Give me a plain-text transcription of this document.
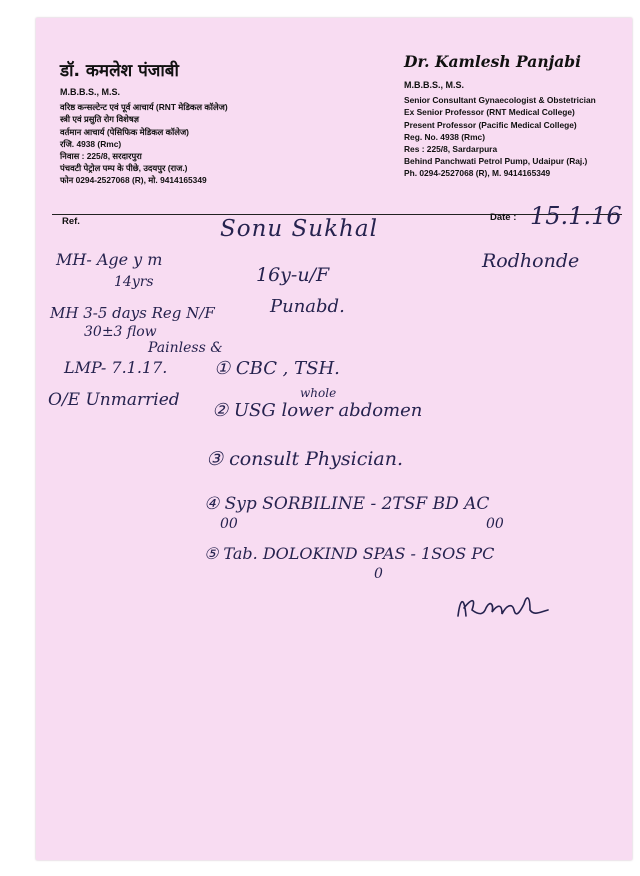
डॉ. कमलेश पंजाबी
M.B.B.S., M.S.
वरिष्ठ कन्सल्टेन्ट एवं पूर्व आचार्य (RNT मेडिकल कॉलेज)
स्त्री एवं प्रसुति रोग विशेषज्ञ
वर्तमान आचार्य (पेसिफिक मेडिकल कॉलेज)
रजि. 4938 (Rmc)
निवास : 225/8, सरदारपुरा
पंचवटी पेट्रोल पम्प के पीछे, उदयपुर (राज.)
फोन 0294-2527068 (R), मो. 9414165349
Dr. Kamlesh Panjabi
M.B.B.S., M.S.
Senior Consultant Gynaecologist & Obstetrician
Ex Senior Professor (RNT Medical College)
Present Professor (Pacific Medical College)
Reg. No. 4938 (Rmc)
Res : 225/8, Sardarpura
Behind Panchwati Petrol Pump, Udaipur (Raj.)
Ph. 0294-2527068 (R), M. 9414165349
Ref.	Date : 15.1.16
Sonu Sukhal
Rodhonde
16y-u/F
Punabd.
MH- Age y m
14yrs
MH 3-5 days Reg N/F
30±3 flow
Painless &
LMP- 7.1.17.
O/E Unmarried
① CBC , TSH.
② USG lower abdomen
whole
③ consult Physician.
④ Syp SORBILINE - 2TSF BD AC
00	00
⑤ Tab. DOLOKIND SPAS - 1SOS PC
0
